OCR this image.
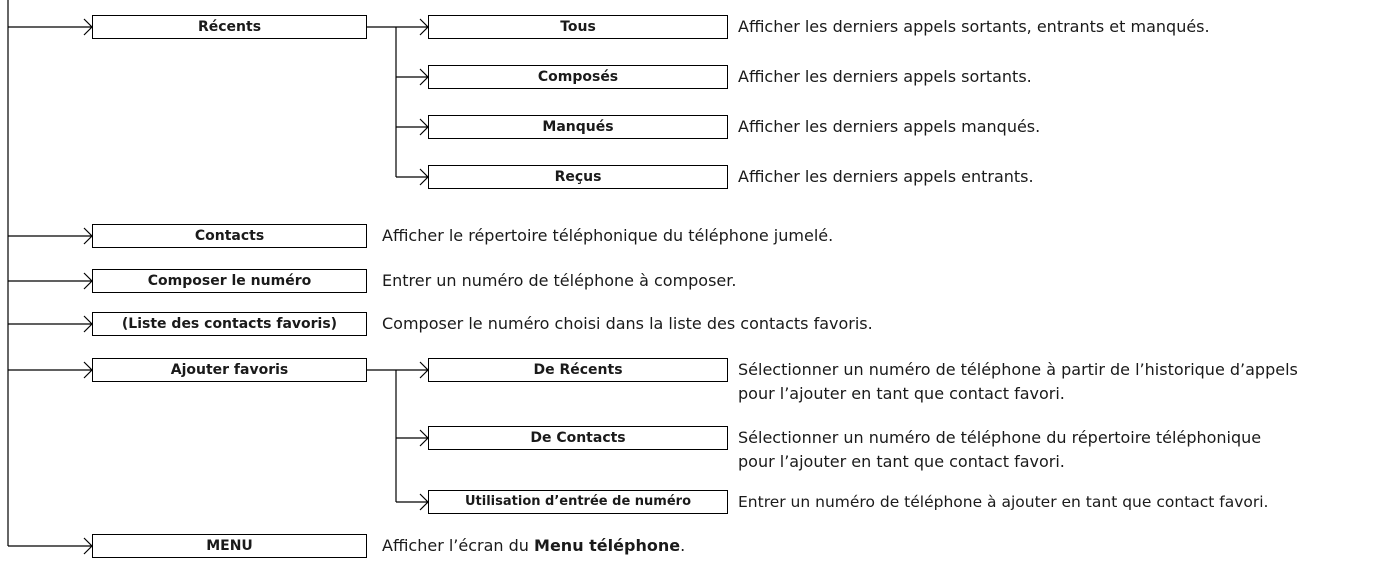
Récents
Contacts
Composer le numéro
(Liste des contacts favoris)
Ajouter favoris
MENU
Tous
Composés
Manqués
Reçus
De Récents
De Contacts
Utilisation d’entrée de numéro
Afficher les derniers appels sortants, entrants et manqués.
Afficher les derniers appels sortants.
Afficher les derniers appels manqués.
Afficher les derniers appels entrants.
Afficher le répertoire téléphonique du téléphone jumelé.
Entrer un numéro de téléphone à composer.
Composer le numéro choisi dans la liste des contacts favoris.
Sélectionner un numéro de téléphone à partir de l’historique d’appels
pour l’ajouter en tant que contact favori.
Sélectionner un numéro de téléphone du répertoire téléphonique
pour l’ajouter en tant que contact favori.
Entrer un numéro de téléphone à ajouter en tant que contact favori.
Afficher l’écran du Menu téléphone.
